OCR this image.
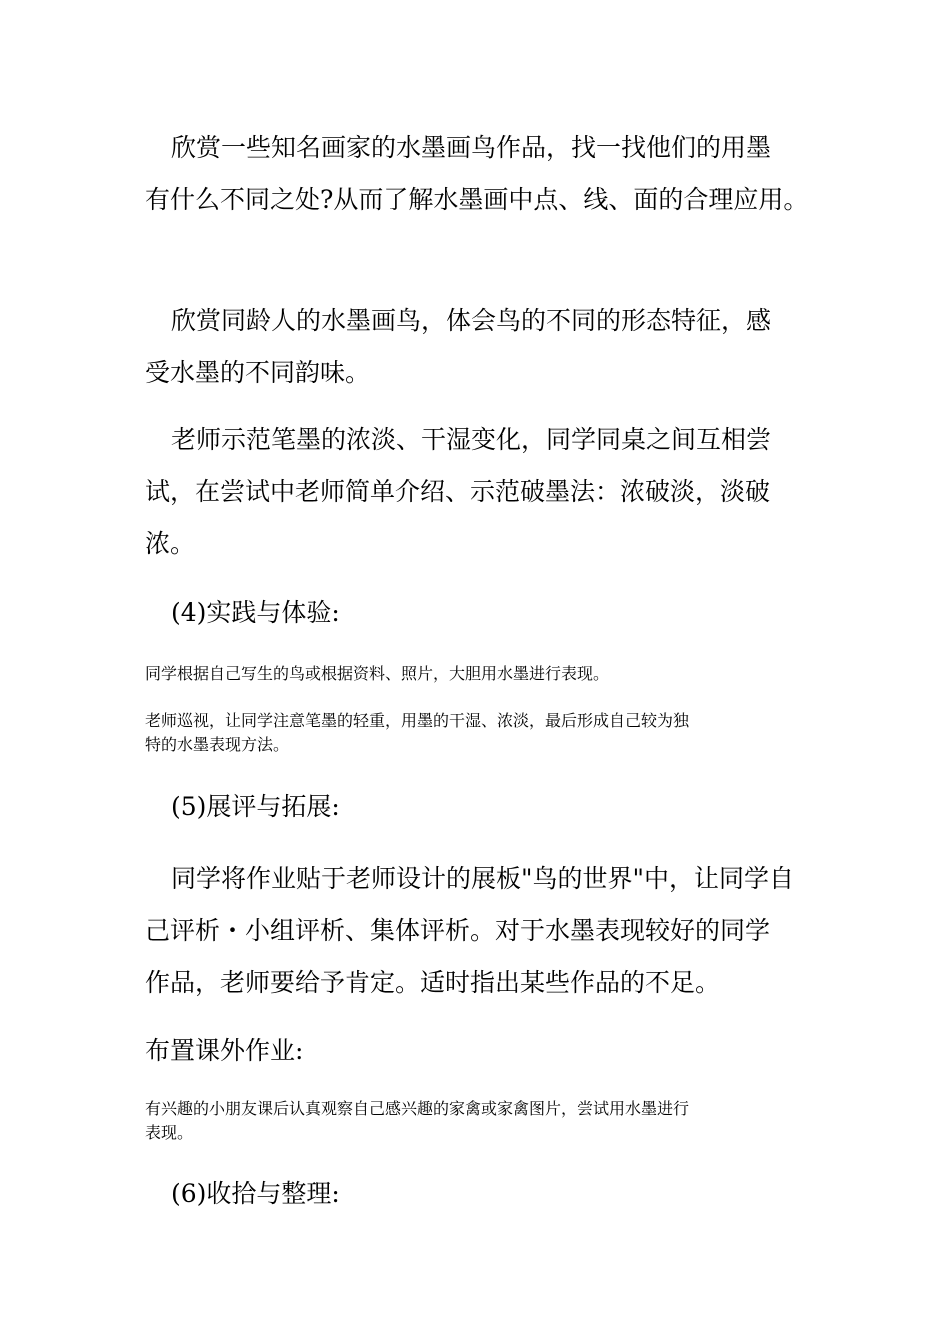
欣赏一些知名画家的水墨画鸟作品，找一找他们的用墨
有什么不同之处?从而了解水墨画中点、线、面的合理应用。
欣赏同龄人的水墨画鸟，体会鸟的不同的形态特征，感
受水墨的不同韵味。
老师示范笔墨的浓淡、干湿变化，同学同桌之间互相尝
试，在尝试中老师简单介绍、示范破墨法：浓破淡，淡破
浓。
(4)实践与体验:
同学根据自己写生的鸟或根据资料、照片，大胆用水墨进行表现。
老师巡视，让同学注意笔墨的轻重，用墨的干湿、浓淡，最后形成自己较为独
特的水墨表现方法。
(5)展评与拓展:
同学将作业贴于老师设计的展板"鸟的世界"中，让同学自
己评析・小组评析、集体评析。对于水墨表现较好的同学
作品，老师要给予肯定。适时指出某些作品的不足。
布置课外作业:
有兴趣的小朋友课后认真观察自己感兴趣的家禽或家禽图片，尝试用水墨进行
表现。
(6)收拾与整理:
